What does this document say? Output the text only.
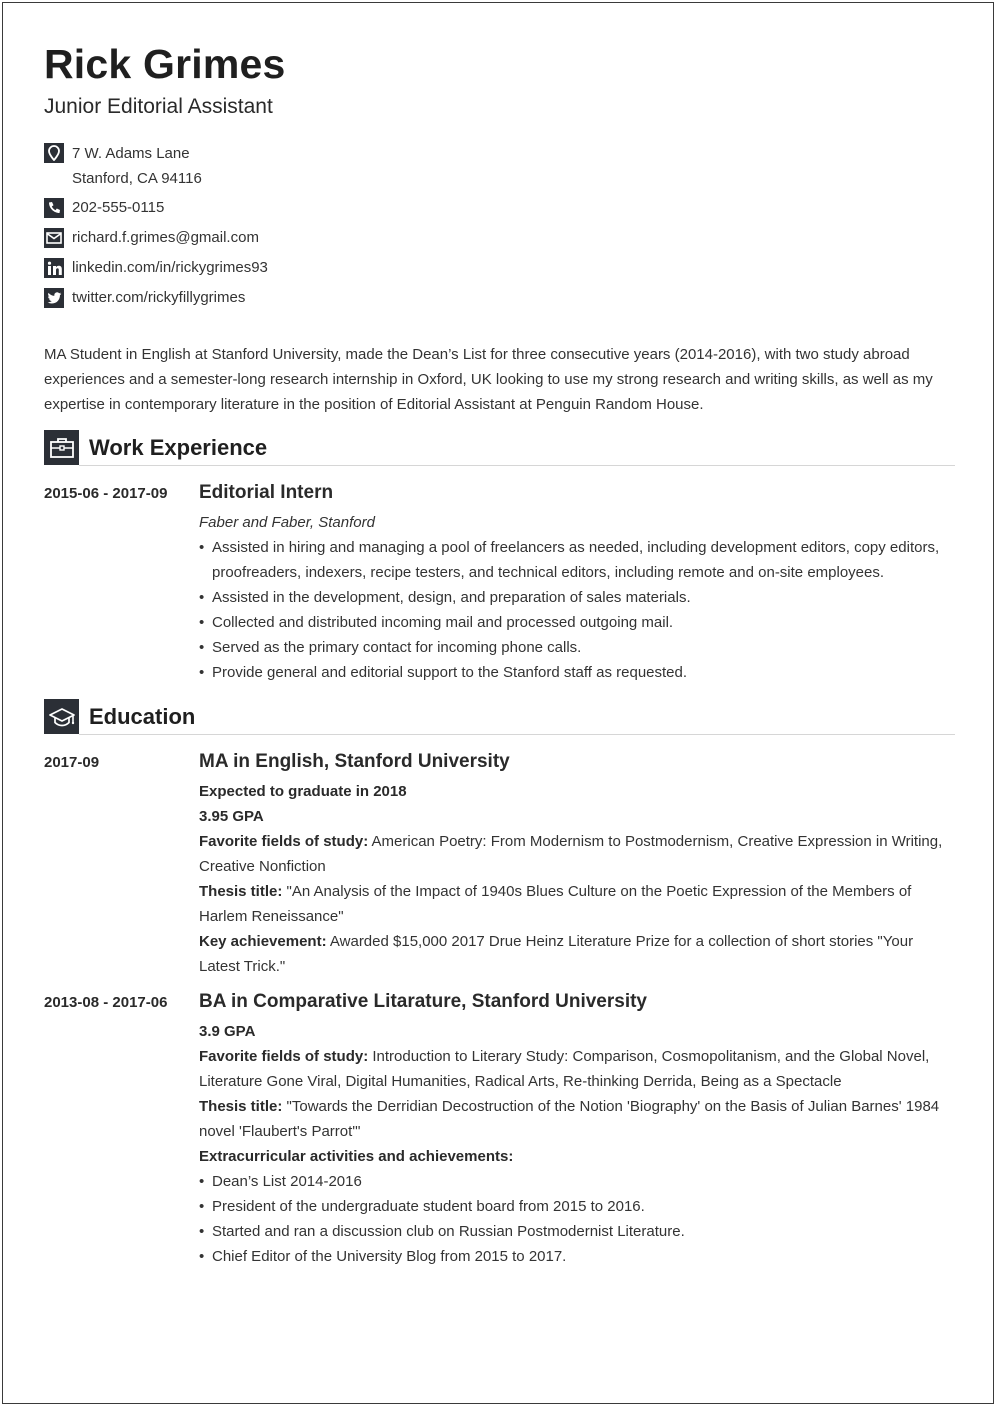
Rick Grimes
Junior Editorial Assistant
7 W. Adams Lane
Stanford, CA 94116
202-555-0115
richard.f.grimes@gmail.com
linkedin.com/in/rickygrimes93
twitter.com/rickyfillygrimes
MA Student in English at Stanford University, made the Dean’s List for three consecutive years (2014-2016), with two study abroad experiences and a semester-long research internship in Oxford, UK looking to use my strong research and writing skills, as well as my expertise in contemporary literature in the position of Editorial Assistant at Penguin Random House.
Work Experience
2015-06 - 2017-09 Editorial Intern
Faber and Faber, Stanford
• Assisted in hiring and managing a pool of freelancers as needed, including development editors, copy editors, proofreaders, indexers, recipe testers, and technical editors, including remote and on-site employees.
• Assisted in the development, design, and preparation of sales materials.
• Collected and distributed incoming mail and processed outgoing mail.
• Served as the primary contact for incoming phone calls.
• Provide general and editorial support to the Stanford staff as requested.
Education
2017-09	MA in English, Stanford University
Expected to graduate in 2018
3.95 GPA
Favorite fields of study: American Poetry: From Modernism to Postmodernism, Creative Expression in Writing, Creative Nonfiction
Thesis title: "An Analysis of the Impact of 1940s Blues Culture on the Poetic Expression of the Members of Harlem Reneissance"
Key achievement: Awarded $15,000 2017 Drue Heinz Literature Prize for a collection of short stories "Your Latest Trick."
2013-08 - 2017-06 BA in Comparative Litarature, Stanford University
3.9 GPA
Favorite fields of study: Introduction to Literary Study: Comparison, Cosmopolitanism, and the Global Novel, Literature Gone Viral, Digital Humanities, Radical Arts, Re-thinking Derrida, Being as a Spectacle
Thesis title: "Towards the Derridian Decostruction of the Notion 'Biography' on the Basis of Julian Barnes' 1984 novel 'Flaubert's Parrot'"
Extracurricular activities and achievements:
• Dean’s List 2014-2016
• President of the undergraduate student board from 2015 to 2016.
• Started and ran a discussion club on Russian Postmodernist Literature.
• Chief Editor of the University Blog from 2015 to 2017.
